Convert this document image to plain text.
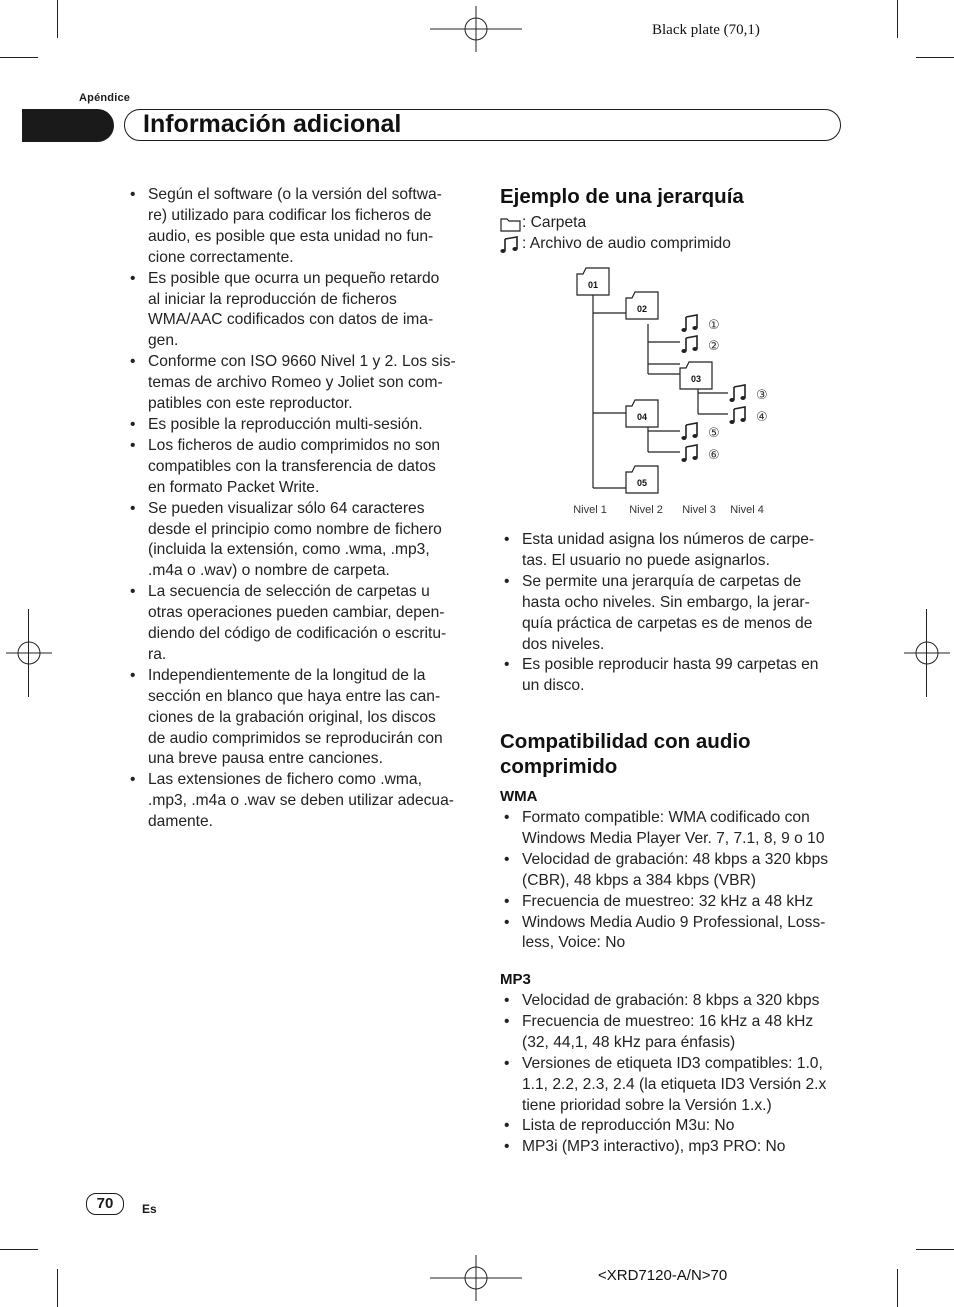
Black plate (70,1)
Apéndice
Información adicional
• Según el software (o la versión del softwa-
re) utilizado para codificar los ficheros de
audio, es posible que esta unidad no fun-
cione correctamente.
• Es posible que ocurra un pequeño retardo
al iniciar la reproducción de ficheros
WMA/AAC codificados con datos de ima-
gen.
• Conforme con ISO 9660 Nivel 1 y 2. Los sis-
temas de archivo Romeo y Joliet son com-
patibles con este reproductor.
• Es posible la reproducción multi-sesión.
• Los ficheros de audio comprimidos no son
compatibles con la transferencia de datos
en formato Packet Write.
• Se pueden visualizar sólo 64 caracteres
desde el principio como nombre de fichero
(incluida la extensión, como .wma, .mp3,
.m4a o .wav) o nombre de carpeta.
• La secuencia de selección de carpetas u
otras operaciones pueden cambiar, depen-
diendo del código de codificación o escritu-
ra.
• Independientemente de la longitud de la
sección en blanco que haya entre las can-
ciones de la grabación original, los discos
de audio comprimidos se reproducirán con
una breve pausa entre canciones.
• Las extensiones de fichero como .wma,
.mp3, .m4a o .wav se deben utilizar adecua-
damente.
Ejemplo de una jerarquía
: Carpeta
: Archivo de audio comprimido
01
02
03
04
05
①
②
③
④
⑤
⑥
Nivel 1 Nivel 2 Nivel 3 Nivel 4
• Esta unidad asigna los números de carpe-
tas. El usuario no puede asignarlos.
• Se permite una jerarquía de carpetas de
hasta ocho niveles. Sin embargo, la jerar-
quía práctica de carpetas es de menos de
dos niveles.
• Es posible reproducir hasta 99 carpetas en
un disco.
Compatibilidad con audio
comprimido
WMA
• Formato compatible: WMA codificado con
Windows Media Player Ver. 7, 7.1, 8, 9 o 10
• Velocidad de grabación: 48 kbps a 320 kbps
(CBR), 48 kbps a 384 kbps (VBR)
• Frecuencia de muestreo: 32 kHz a 48 kHz
• Windows Media Audio 9 Professional, Loss-
less, Voice: No
MP3
• Velocidad de grabación: 8 kbps a 320 kbps
• Frecuencia de muestreo: 16 kHz a 48 kHz
(32, 44,1, 48 kHz para énfasis)
• Versiones de etiqueta ID3 compatibles: 1.0,
1.1, 2.2, 2.3, 2.4 (la etiqueta ID3 Versión 2.x
tiene prioridad sobre la Versión 1.x.)
• Lista de reproducción M3u: No
• MP3i (MP3 interactivo), mp3 PRO: No
70	Es
<XRD7120-A/N>70
